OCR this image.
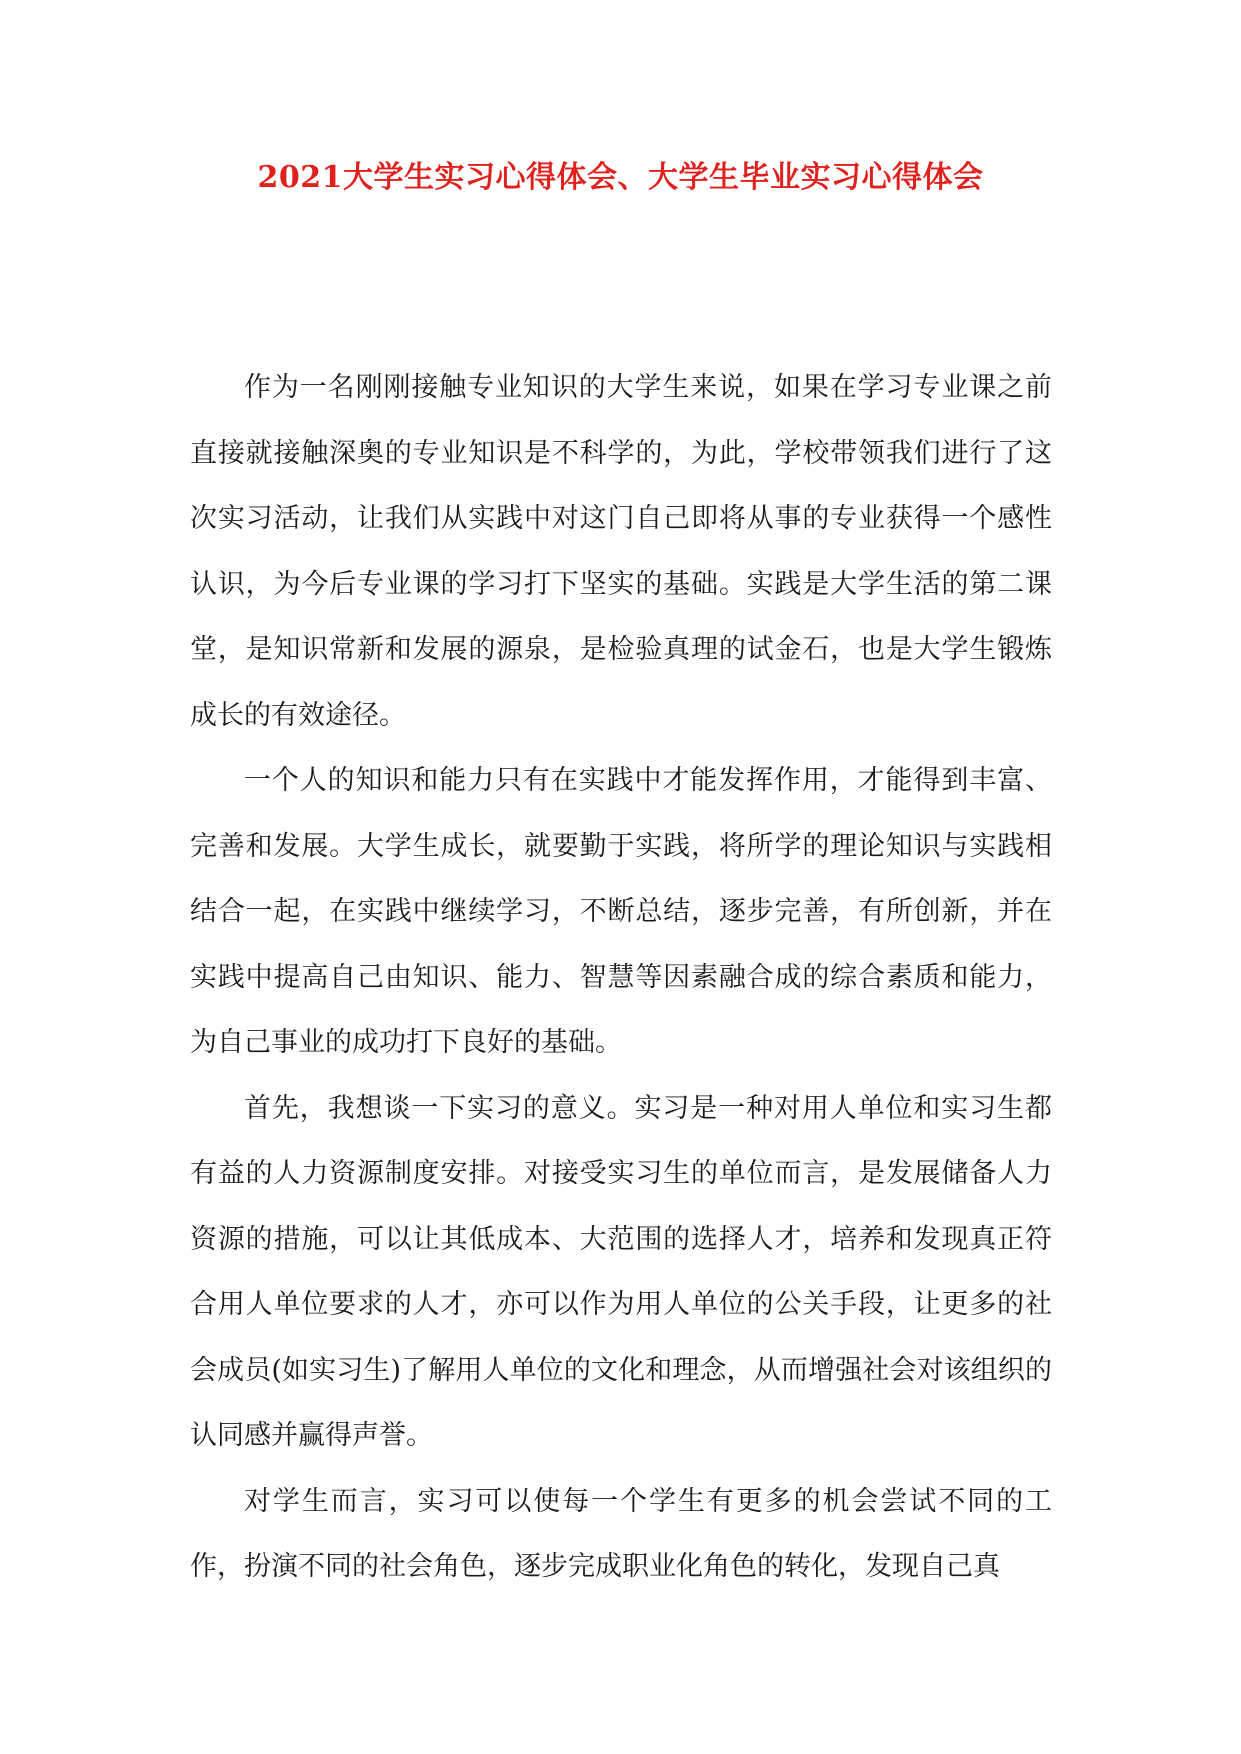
2021大学生实习心得体会、大学生毕业实习心得体会

作为一名刚刚接触专业知识的大学生来说，如果在学习专业课之前直接就接触深奥的专业知识是不科学的，为此，学校带领我们进行了这次实习活动，让我们从实践中对这门自己即将从事的专业获得一个感性认识，为今后专业课的学习打下坚实的基础。实践是大学生活的第二课堂，是知识常新和发展的源泉，是检验真理的试金石，也是大学生锻炼成长的有效途径。

一个人的知识和能力只有在实践中才能发挥作用，才能得到丰富、完善和发展。大学生成长，就要勤于实践，将所学的理论知识与实践相结合一起，在实践中继续学习，不断总结，逐步完善，有所创新，并在实践中提高自己由知识、能力、智慧等因素融合成的综合素质和能力，为自己事业的成功打下良好的基础。

首先，我想谈一下实习的意义。实习是一种对用人单位和实习生都有益的人力资源制度安排。对接受实习生的单位而言，是发展储备人力资源的措施，可以让其低成本、大范围的选择人才，培养和发现真正符合用人单位要求的人才，亦可以作为用人单位的公关手段，让更多的社会成员(如实习生)了解用人单位的文化和理念，从而增强社会对该组织的认同感并赢得声誉。

对学生而言，实习可以使每一个学生有更多的机会尝试不同的工作，扮演不同的社会角色，逐步完成职业化角色的转化，发现自己真
